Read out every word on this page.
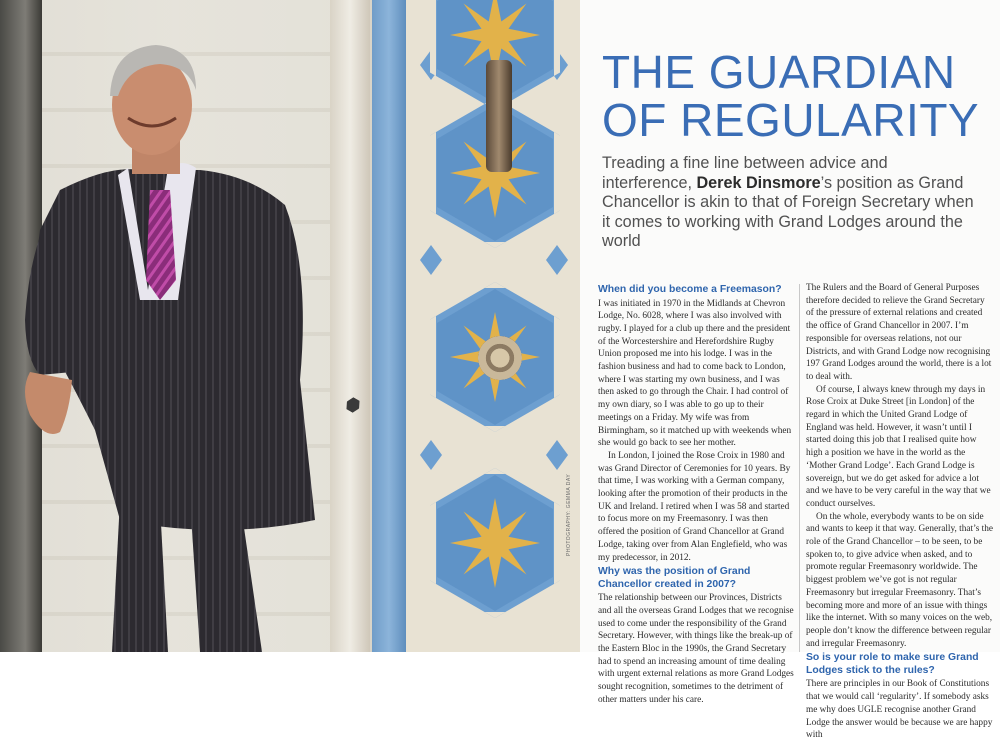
PHOTOGRAPHY: GEMMA DAY
THE GUARDIAN
OF REGULARITY

Treading a fine line between advice and interference, Derek Dinsmore’s position as Grand Chancellor is akin to that of Foreign Secretary when it comes to working with Grand Lodges around the world

When did you become a Freemason?

I was initiated in 1970 in the Midlands at Chevron Lodge, No. 6028, where I was also involved with rugby. I played for a club up there and the president of the Worcestershire and Herefordshire Rugby Union proposed me into his lodge. I was in the fashion business and had to come back to London, where I was starting my own business, and I was then asked to go through the Chair. I had control of my own diary, so I was able to go up to their meetings on a Friday. My wife was from Birmingham, so it matched up with weekends when she would go back to see her mother.

In London, I joined the Rose Croix in 1980 and was Grand Director of Ceremonies for 10 years. By that time, I was working with a German company, looking after the promotion of their products in the UK and Ireland. I retired when I was 58 and started to focus more on my Freemasonry. I was then offered the position of Grand Chancellor at Grand Lodge, taking over from Alan Englefield, who was my predecessor, in 2012.

Why was the position of Grand Chancellor created in 2007?

The relationship between our Provinces, Districts and all the overseas Grand Lodges that we recognise used to come under the responsibility of the Grand Secretary. However, with things like the break-up of the Eastern Bloc in the 1990s, the Grand Secretary had to spend an increasing amount of time dealing with urgent external relations as more Grand Lodges sought recognition, sometimes to the detriment of other matters under his care.

The Rulers and the Board of General Purposes therefore decided to relieve the Grand Secretary of the pressure of external relations and created the office of Grand Chancellor in 2007. I’m responsible for overseas relations, not our Districts, and with Grand Lodge now recognising 197 Grand Lodges around the world, there is a lot to deal with.

Of course, I always knew through my days in Rose Croix at Duke Street [in London] of the regard in which the United Grand Lodge of England was held. However, it wasn’t until I started doing this job that I realised quite how high a position we have in the world as the ‘Mother Grand Lodge’. Each Grand Lodge is sovereign, but we do get asked for advice a lot and we have to be very careful in the way that we conduct ourselves.

On the whole, everybody wants to be on side and wants to keep it that way. Generally, that’s the role of the Grand Chancellor – to be seen, to be spoken to, to give advice when asked, and to promote regular Freemasonry worldwide. The biggest problem we’ve got is not regular Freemasonry but irregular Freemasonry. That’s becoming more and more of an issue with things like the internet. With so many voices on the web, people don’t know the difference between regular and irregular Freemasonry.

So is your role to make sure Grand Lodges stick to the rules?

There are principles in our Book of Constitutions that we would call ‘regularity’. If somebody asks me why does UGLE recognise another Grand Lodge the answer would be because we are happy with
